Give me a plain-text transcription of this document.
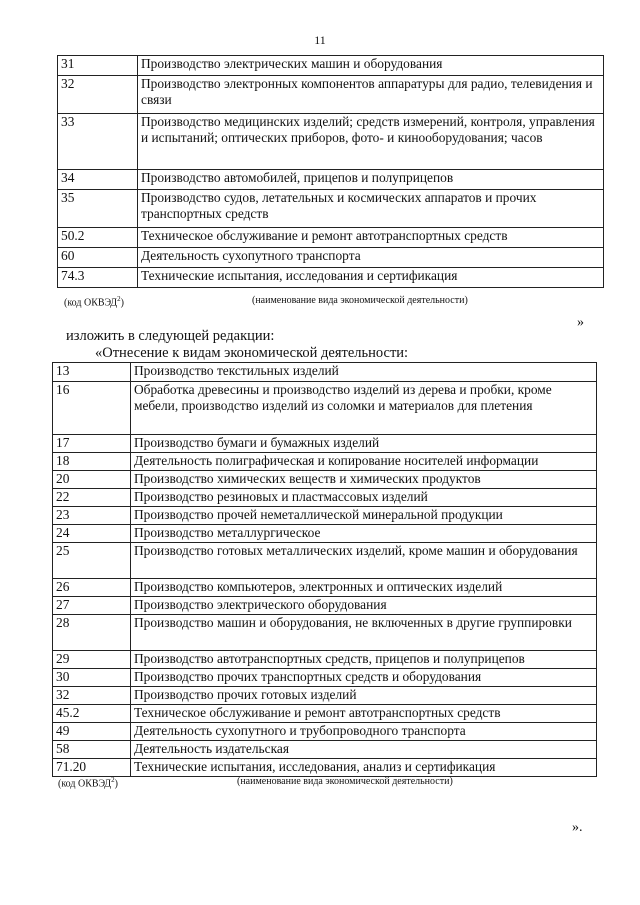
11
31	Производство электрических машин и оборудования
32	Производство электронных компонентов аппаратуры для радио, телевидения и связи
33	Производство медицинских изделий; средств измерений, контроля, управления и испытаний; оптических приборов, фото- и кинооборудования; часов
34	Производство автомобилей, прицепов и полуприцепов
35	Производство судов, летательных и космических аппаратов и прочих транспортных средств
50.2	Техническое обслуживание и ремонт автотранспортных средств
60	Деятельность сухопутного транспорта
74.3	Технические испытания, исследования и сертификация
(код ОКВЭД$^2$)	(наименование вида экономической деятельности)
»
изложить в следующей редакции:
«Отнесение к видам экономической деятельности:
13	Производство текстильных изделий
16	Обработка древесины и производство изделий из дерева и пробки, кроме мебели, производство изделий из соломки и материалов для плетения
17	Производство бумаги и бумажных изделий
18	Деятельность полиграфическая и копирование носителей информации
20	Производство химических веществ и химических продуктов
22	Производство резиновых и пластмассовых изделий
23	Производство прочей неметаллической минеральной продукции
24	Производство металлургическое
25	Производство готовых металлических изделий, кроме машин и оборудования
26	Производство компьютеров, электронных и оптических изделий
27	Производство электрического оборудования
28	Производство машин и оборудования, не включенных в другие группировки
29	Производство автотранспортных средств, прицепов и полуприцепов
30	Производство прочих транспортных средств и оборудования
32	Производство прочих готовых изделий
45.2	Техническое обслуживание и ремонт автотранспортных средств
49	Деятельность сухопутного и трубопроводного транспорта
58	Деятельность издательская
71.20	Технические испытания, исследования, анализ и сертификация
(код ОКВЭД$^2$)	(наименование вида экономической деятельности)
».
